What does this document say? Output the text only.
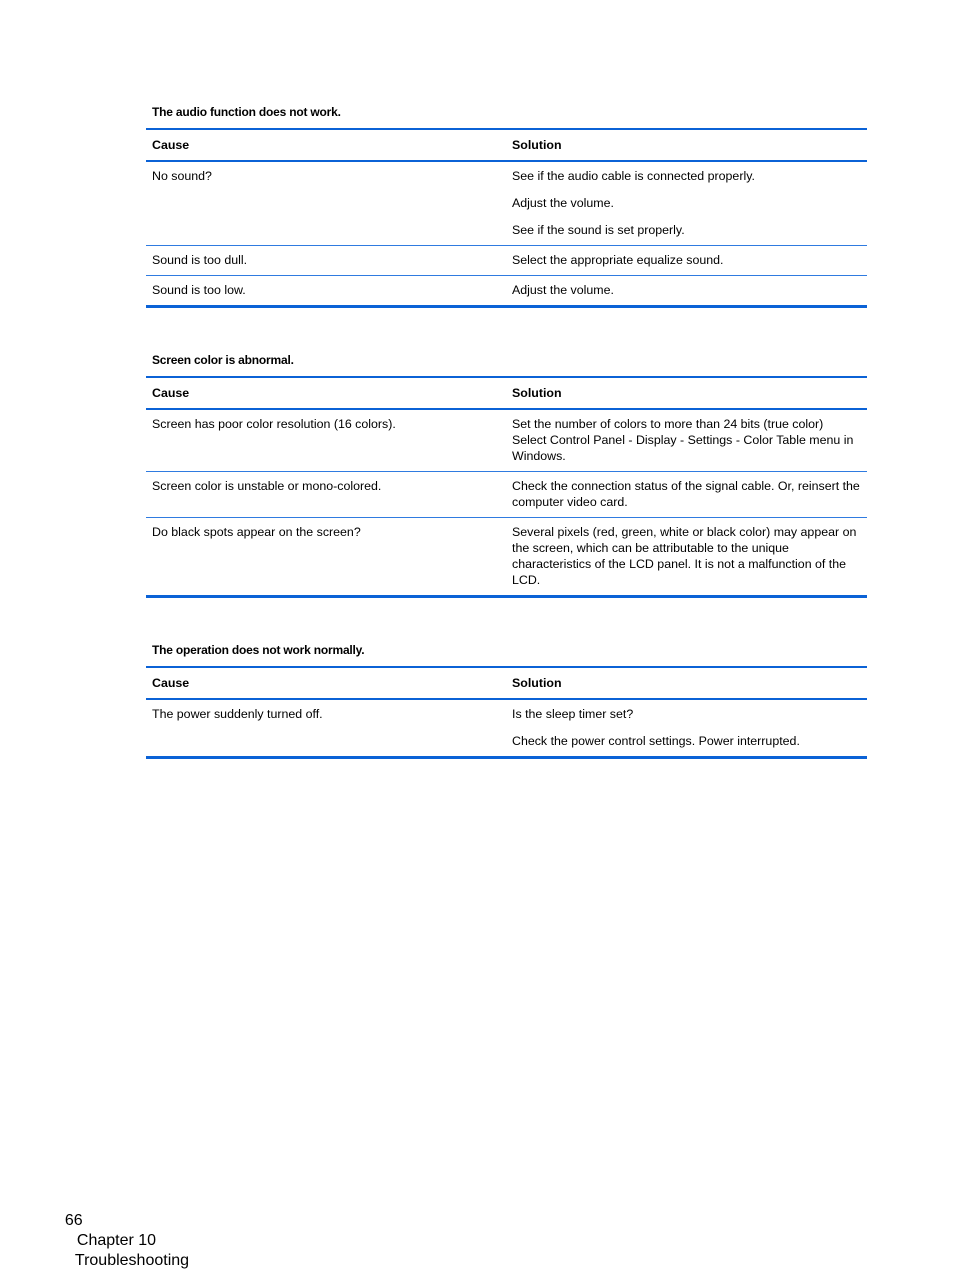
The audio function does not work.
Cause	Solution
No sound?	See if the audio cable is connected properly.
Adjust the volume.
See if the sound is set properly.

Sound is too dull.	Select the appropriate equalize sound.

Sound is too low.	Adjust the volume.
Screen color is abnormal.
Cause	Solution
Screen has poor color resolution (16 colors).	Set the number of colors to more than 24 bits (true color) Select Control Panel - Display - Settings - Color Table menu in Windows.

Screen color is unstable or mono-colored.	Check the connection status of the signal cable. Or, reinsert the computer video card.

Do black spots appear on the screen?	Several pixels (red, green, white or black color) may appear on the screen, which can be attributable to the unique characteristics of the LCD panel. It is not a malfunction of the LCD.
The operation does not work normally.
Cause	Solution
The power suddenly turned off.	Is the sleep timer set?
Check the power control settings. Power interrupted.

66
Chapter 10
Troubleshooting
